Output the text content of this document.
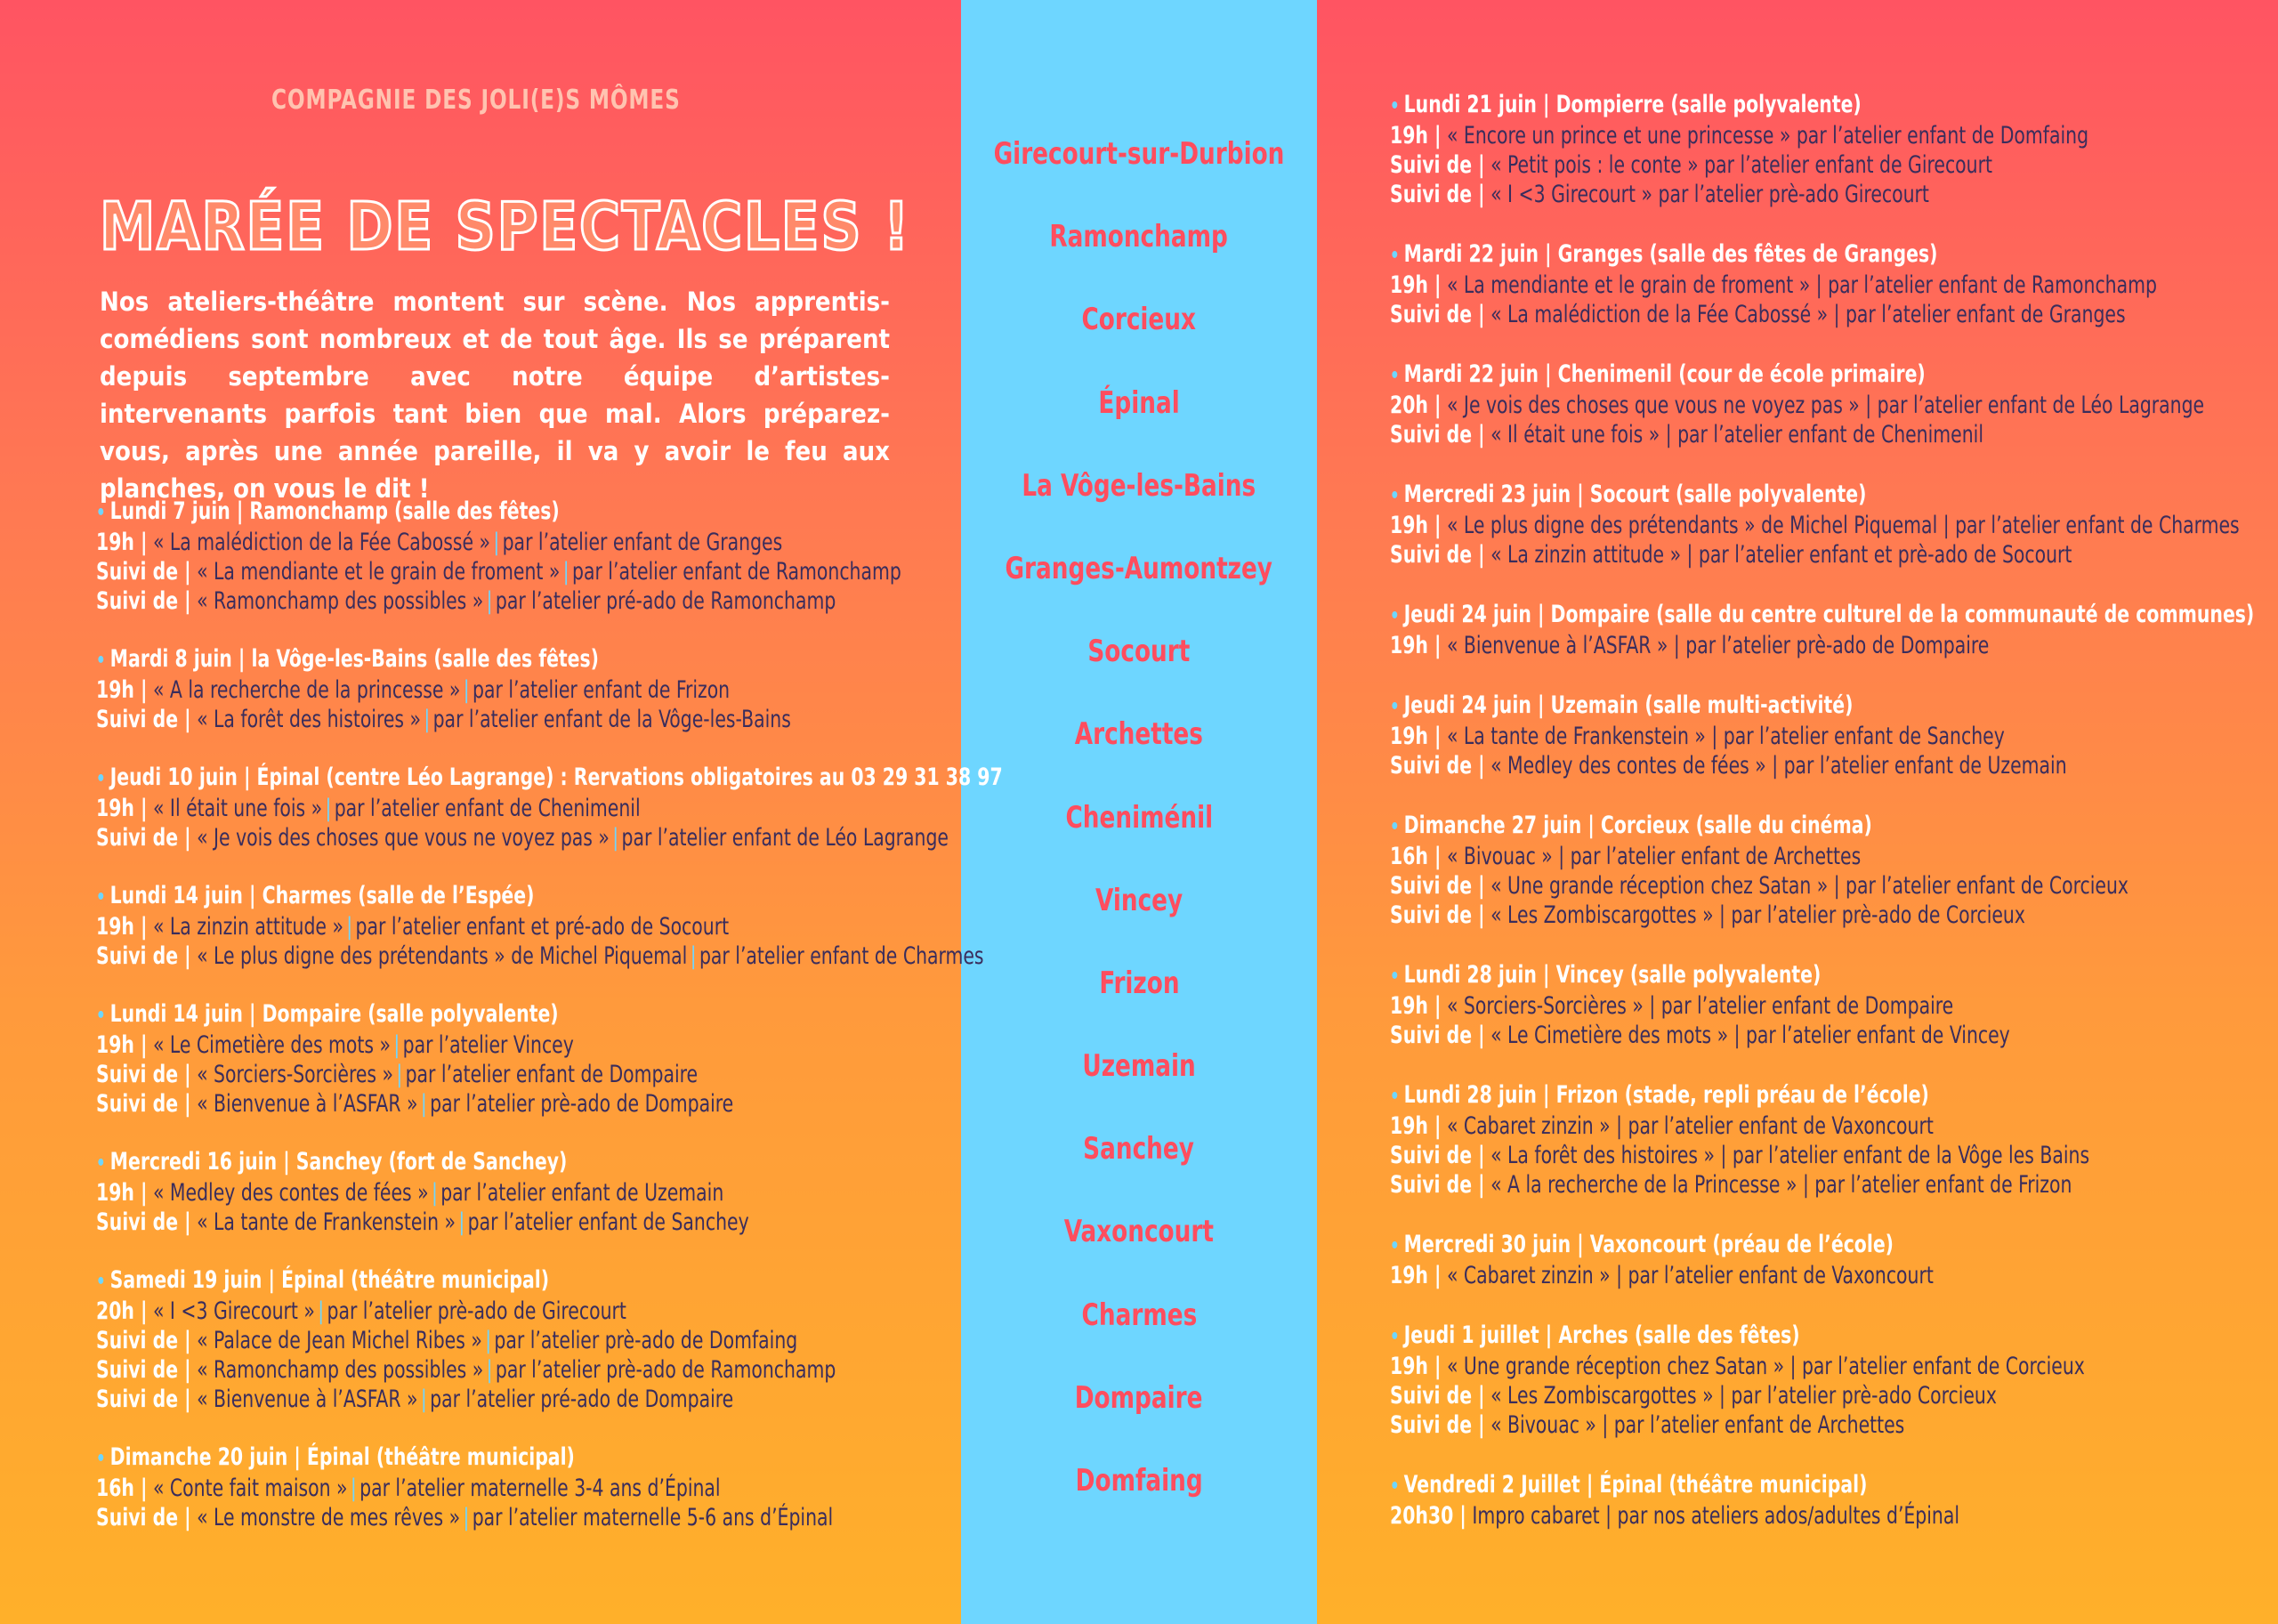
COMPAGNIE DES JOLI(E)S MÔMES
MARÉE DE SPECTACLES !
Nos ateliers-théâtre montent sur scène. Nos apprentis-comédiens sont nombreux et de tout âge. Ils se préparent depuis septembre avec notre équipe d’artistes-intervenants parfois tant bien que mal. Alors préparez-vous, après une année pareille, il va y avoir le feu aux planches, on vous le dit !
• Lundi 7 juin | Ramonchamp (salle des fêtes)
19h | « La malédiction de la Fée Cabossé » | par l’atelier enfant de Granges
Suivi de | « La mendiante et le grain de froment » | par l’atelier enfant de Ramonchamp
Suivi de | « Ramonchamp des possibles » | par l’atelier pré-ado de Ramonchamp
• Mardi 8 juin | la Vôge-les-Bains (salle des fêtes)
19h | « A la recherche de la princesse » | par l’atelier enfant de Frizon
Suivi de | « La forêt des histoires » | par l’atelier enfant de la Vôge-les-Bains
• Jeudi 10 juin | Épinal (centre Léo Lagrange) : Rervations obligatoires au 03 29 31 38 97
19h | « Il était une fois » | par l’atelier enfant de Chenimenil
Suivi de | « Je vois des choses que vous ne voyez pas » | par l’atelier enfant de Léo Lagrange
• Lundi 14 juin | Charmes (salle de l’Espée)
19h | « La zinzin attitude » | par l’atelier enfant et pré-ado de Socourt
Suivi de | « Le plus digne des prétendants » de Michel Piquemal | par l’atelier enfant de Charmes
• Lundi 14 juin | Dompaire (salle polyvalente)
19h | « Le Cimetière des mots » | par l’atelier Vincey
Suivi de | « Sorciers-Sorcières » | par l’atelier enfant de Dompaire
Suivi de | « Bienvenue à l’ASFAR » | par l’atelier prè-ado de Dompaire
• Mercredi 16 juin | Sanchey (fort de Sanchey)
19h | « Medley des contes de fées » | par l’atelier enfant de Uzemain
Suivi de | « La tante de Frankenstein » | par l’atelier enfant de Sanchey
• Samedi 19 juin | Épinal (théâtre municipal)
20h | « I <3 Girecourt » | par l’atelier prè-ado de Girecourt
Suivi de | « Palace de Jean Michel Ribes » | par l’atelier prè-ado de Domfaing
Suivi de | « Ramonchamp des possibles » | par l’atelier prè-ado de Ramonchamp
Suivi de | « Bienvenue à l’ASFAR » | par l’atelier pré-ado de Dompaire
• Dimanche 20 juin | Épinal (théâtre municipal)
16h | « Conte fait maison » | par l’atelier maternelle 3-4 ans d’Épinal
Suivi de | « Le monstre de mes rêves » | par l’atelier maternelle 5-6 ans d’Épinal
• Lundi 21 juin | Dompierre (salle polyvalente)
19h | « Encore un prince et une princesse » par l’atelier enfant de Domfaing
Suivi de | « Petit pois : le conte » par l’atelier enfant de Girecourt
Suivi de | « I <3 Girecourt » par l’atelier prè-ado Girecourt
• Mardi 22 juin | Granges (salle des fêtes de Granges)
19h | « La mendiante et le grain de froment » | par l’atelier enfant de Ramonchamp
Suivi de | « La malédiction de la Fée Cabossé » | par l’atelier enfant de Granges
• Mardi 22 juin | Chenimenil (cour de école primaire)
20h | « Je vois des choses que vous ne voyez pas » | par l’atelier enfant de Léo Lagrange
Suivi de | « Il était une fois » | par l’atelier enfant de Chenimenil
• Mercredi 23 juin | Socourt (salle polyvalente)
19h | « Le plus digne des prétendants » de Michel Piquemal | par l’atelier enfant de Charmes
Suivi de | « La zinzin attitude » | par l’atelier enfant et prè-ado de Socourt
• Jeudi 24 juin | Dompaire (salle du centre culturel de la communauté de communes)
19h | « Bienvenue à l’ASFAR » | par l’atelier prè-ado de Dompaire
• Jeudi 24 juin | Uzemain (salle multi-activité)
19h | « La tante de Frankenstein » | par l’atelier enfant de Sanchey
Suivi de | « Medley des contes de fées » | par l’atelier enfant de Uzemain
• Dimanche 27 juin | Corcieux (salle du cinéma)
16h | « Bivouac » | par l’atelier enfant de Archettes
Suivi de | « Une grande réception chez Satan » | par l’atelier enfant de Corcieux
Suivi de | « Les Zombiscargottes » | par l’atelier prè-ado de Corcieux
• Lundi 28 juin | Vincey (salle polyvalente)
19h | « Sorciers-Sorcières » | par l’atelier enfant de Dompaire
Suivi de | « Le Cimetière des mots » | par l’atelier enfant de Vincey
• Lundi 28 juin | Frizon (stade, repli préau de l’école)
19h | « Cabaret zinzin » | par l’atelier enfant de Vaxoncourt
Suivi de | « La forêt des histoires » | par l’atelier enfant de la Vôge les Bains
Suivi de | « A la recherche de la Princesse » | par l’atelier enfant de Frizon
• Mercredi 30 juin | Vaxoncourt (préau de l’école)
19h | « Cabaret zinzin » | par l’atelier enfant de Vaxoncourt
• Jeudi 1 juillet | Arches (salle des fêtes)
19h | « Une grande réception chez Satan » | par l’atelier enfant de Corcieux
Suivi de | « Les Zombiscargottes » | par l’atelier prè-ado Corcieux
Suivi de | « Bivouac » | par l’atelier enfant de Archettes
• Vendredi 2 Juillet | Épinal (théâtre municipal)
20h30 | Impro cabaret | par nos ateliers ados/adultes d’Épinal
Girecourt-sur-Durbion
Ramonchamp
Corcieux
Épinal
La Vôge-les-Bains
Granges-Aumontzey
Socourt
Archettes
Cheniménil
Vincey
Frizon
Uzemain
Sanchey
Vaxoncourt
Charmes
Dompaire
Domfaing
